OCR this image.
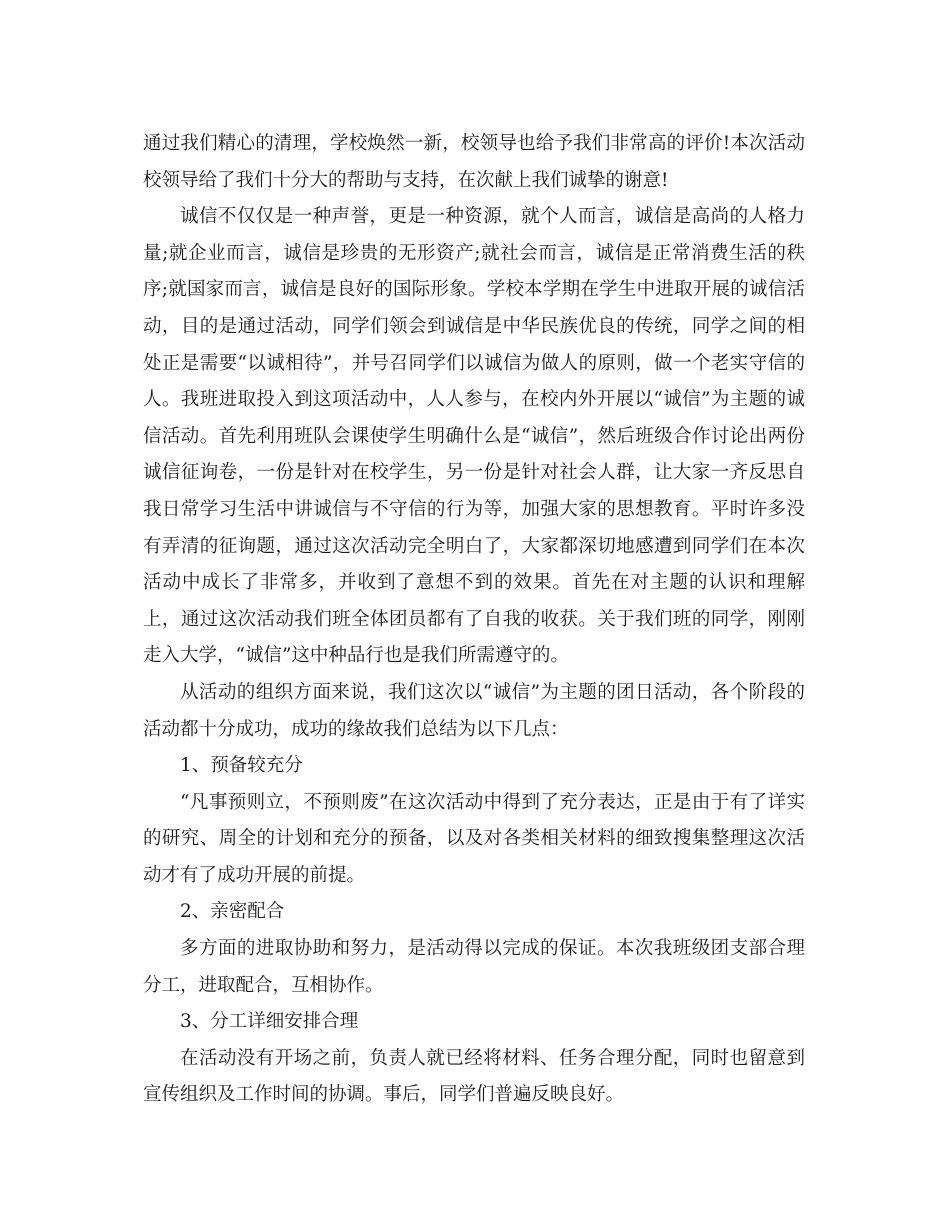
通过我们精心的清理，学校焕然一新，校领导也给予我们非常高的评价!本次活动校领导给了我们十分大的帮助与支持，在次献上我们诚挚的谢意!

诚信不仅仅是一种声誉，更是一种资源，就个人而言，诚信是高尚的人格力量;就企业而言，诚信是珍贵的无形资产;就社会而言，诚信是正常消费生活的秩序;就国家而言，诚信是良好的国际形象。学校本学期在学生中进取开展的诚信活动，目的是通过活动，同学们领会到诚信是中华民族优良的传统，同学之间的相处正是需要“以诚相待”，并号召同学们以诚信为做人的原则，做一个老实守信的人。我班进取投入到这项活动中，人人参与，在校内外开展以“诚信”为主题的诚信活动。首先利用班队会课使学生明确什么是“诚信”，然后班级合作讨论出两份诚信征询卷，一份是针对在校学生，另一份是针对社会人群，让大家一齐反思自我日常学习生活中讲诚信与不守信的行为等，加强大家的思想教育。平时许多没有弄清的征询题，通过这次活动完全明白了，大家都深切地感遭到同学们在本次活动中成长了非常多，并收到了意想不到的效果。首先在对主题的认识和理解上，通过这次活动我们班全体团员都有了自我的收获。关于我们班的同学，刚刚走入大学，“诚信”这中种品行也是我们所需遵守的。

从活动的组织方面来说，我们这次以“诚信”为主题的团日活动，各个阶段的活动都十分成功，成功的缘故我们总结为以下几点：

1、预备较充分

“凡事预则立，不预则废”在这次活动中得到了充分表达，正是由于有了详实的研究、周全的计划和充分的预备，以及对各类相关材料的细致搜集整理这次活动才有了成功开展的前提。

2、亲密配合

多方面的进取协助和努力，是活动得以完成的保证。本次我班级团支部合理分工，进取配合，互相协作。

3、分工详细安排合理

在活动没有开场之前，负责人就已经将材料、任务合理分配，同时也留意到宣传组织及工作时间的协调。事后，同学们普遍反映良好。
